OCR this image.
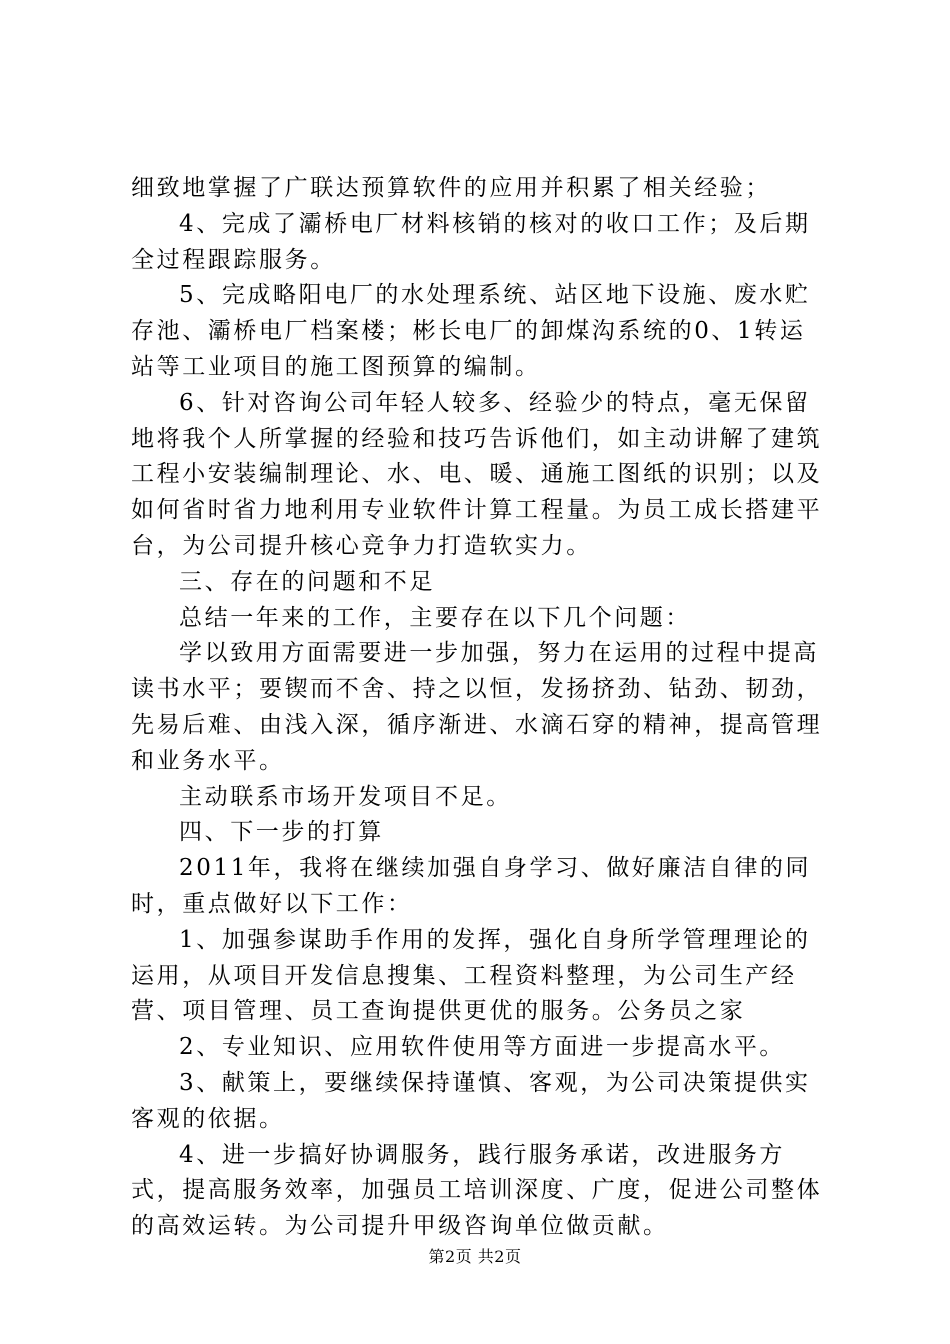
细致地掌握了广联达预算软件的应用并积累了相关经验；

4、完成了灞桥电厂材料核销的核对的收口工作；及后期全过程跟踪服务。

5、完成略阳电厂的水处理系统、站区地下设施、废水贮存池、灞桥电厂档案楼；彬长电厂的卸煤沟系统的0、1转运站等工业项目的施工图预算的编制。

6、针对咨询公司年轻人较多、经验少的特点，毫无保留地将我个人所掌握的经验和技巧告诉他们，如主动讲解了建筑工程小安装编制理论、水、电、暖、通施工图纸的识别；以及如何省时省力地利用专业软件计算工程量。为员工成长搭建平台，为公司提升核心竞争力打造软实力。

三、存在的问题和不足

总结一年来的工作，主要存在以下几个问题：

学以致用方面需要进一步加强，努力在运用的过程中提高读书水平；要锲而不舍、持之以恒，发扬挤劲、钻劲、韧劲，先易后难、由浅入深，循序渐进、水滴石穿的精神，提高管理和业务水平。

主动联系市场开发项目不足。

四、下一步的打算

2011年，我将在继续加强自身学习、做好廉洁自律的同时，重点做好以下工作：

1、加强参谋助手作用的发挥，强化自身所学管理理论的运用，从项目开发信息搜集、工程资料整理，为公司生产经营、项目管理、员工查询提供更优的服务。公务员之家

2、专业知识、应用软件使用等方面进一步提高水平。

3、献策上，要继续保持谨慎、客观，为公司决策提供实客观的依据。

4、进一步搞好协调服务，践行服务承诺，改进服务方式，提高服务效率，加强员工培训深度、广度，促进公司整体的高效运转。为公司提升甲级咨询单位做贡献。

第2页 共2页
